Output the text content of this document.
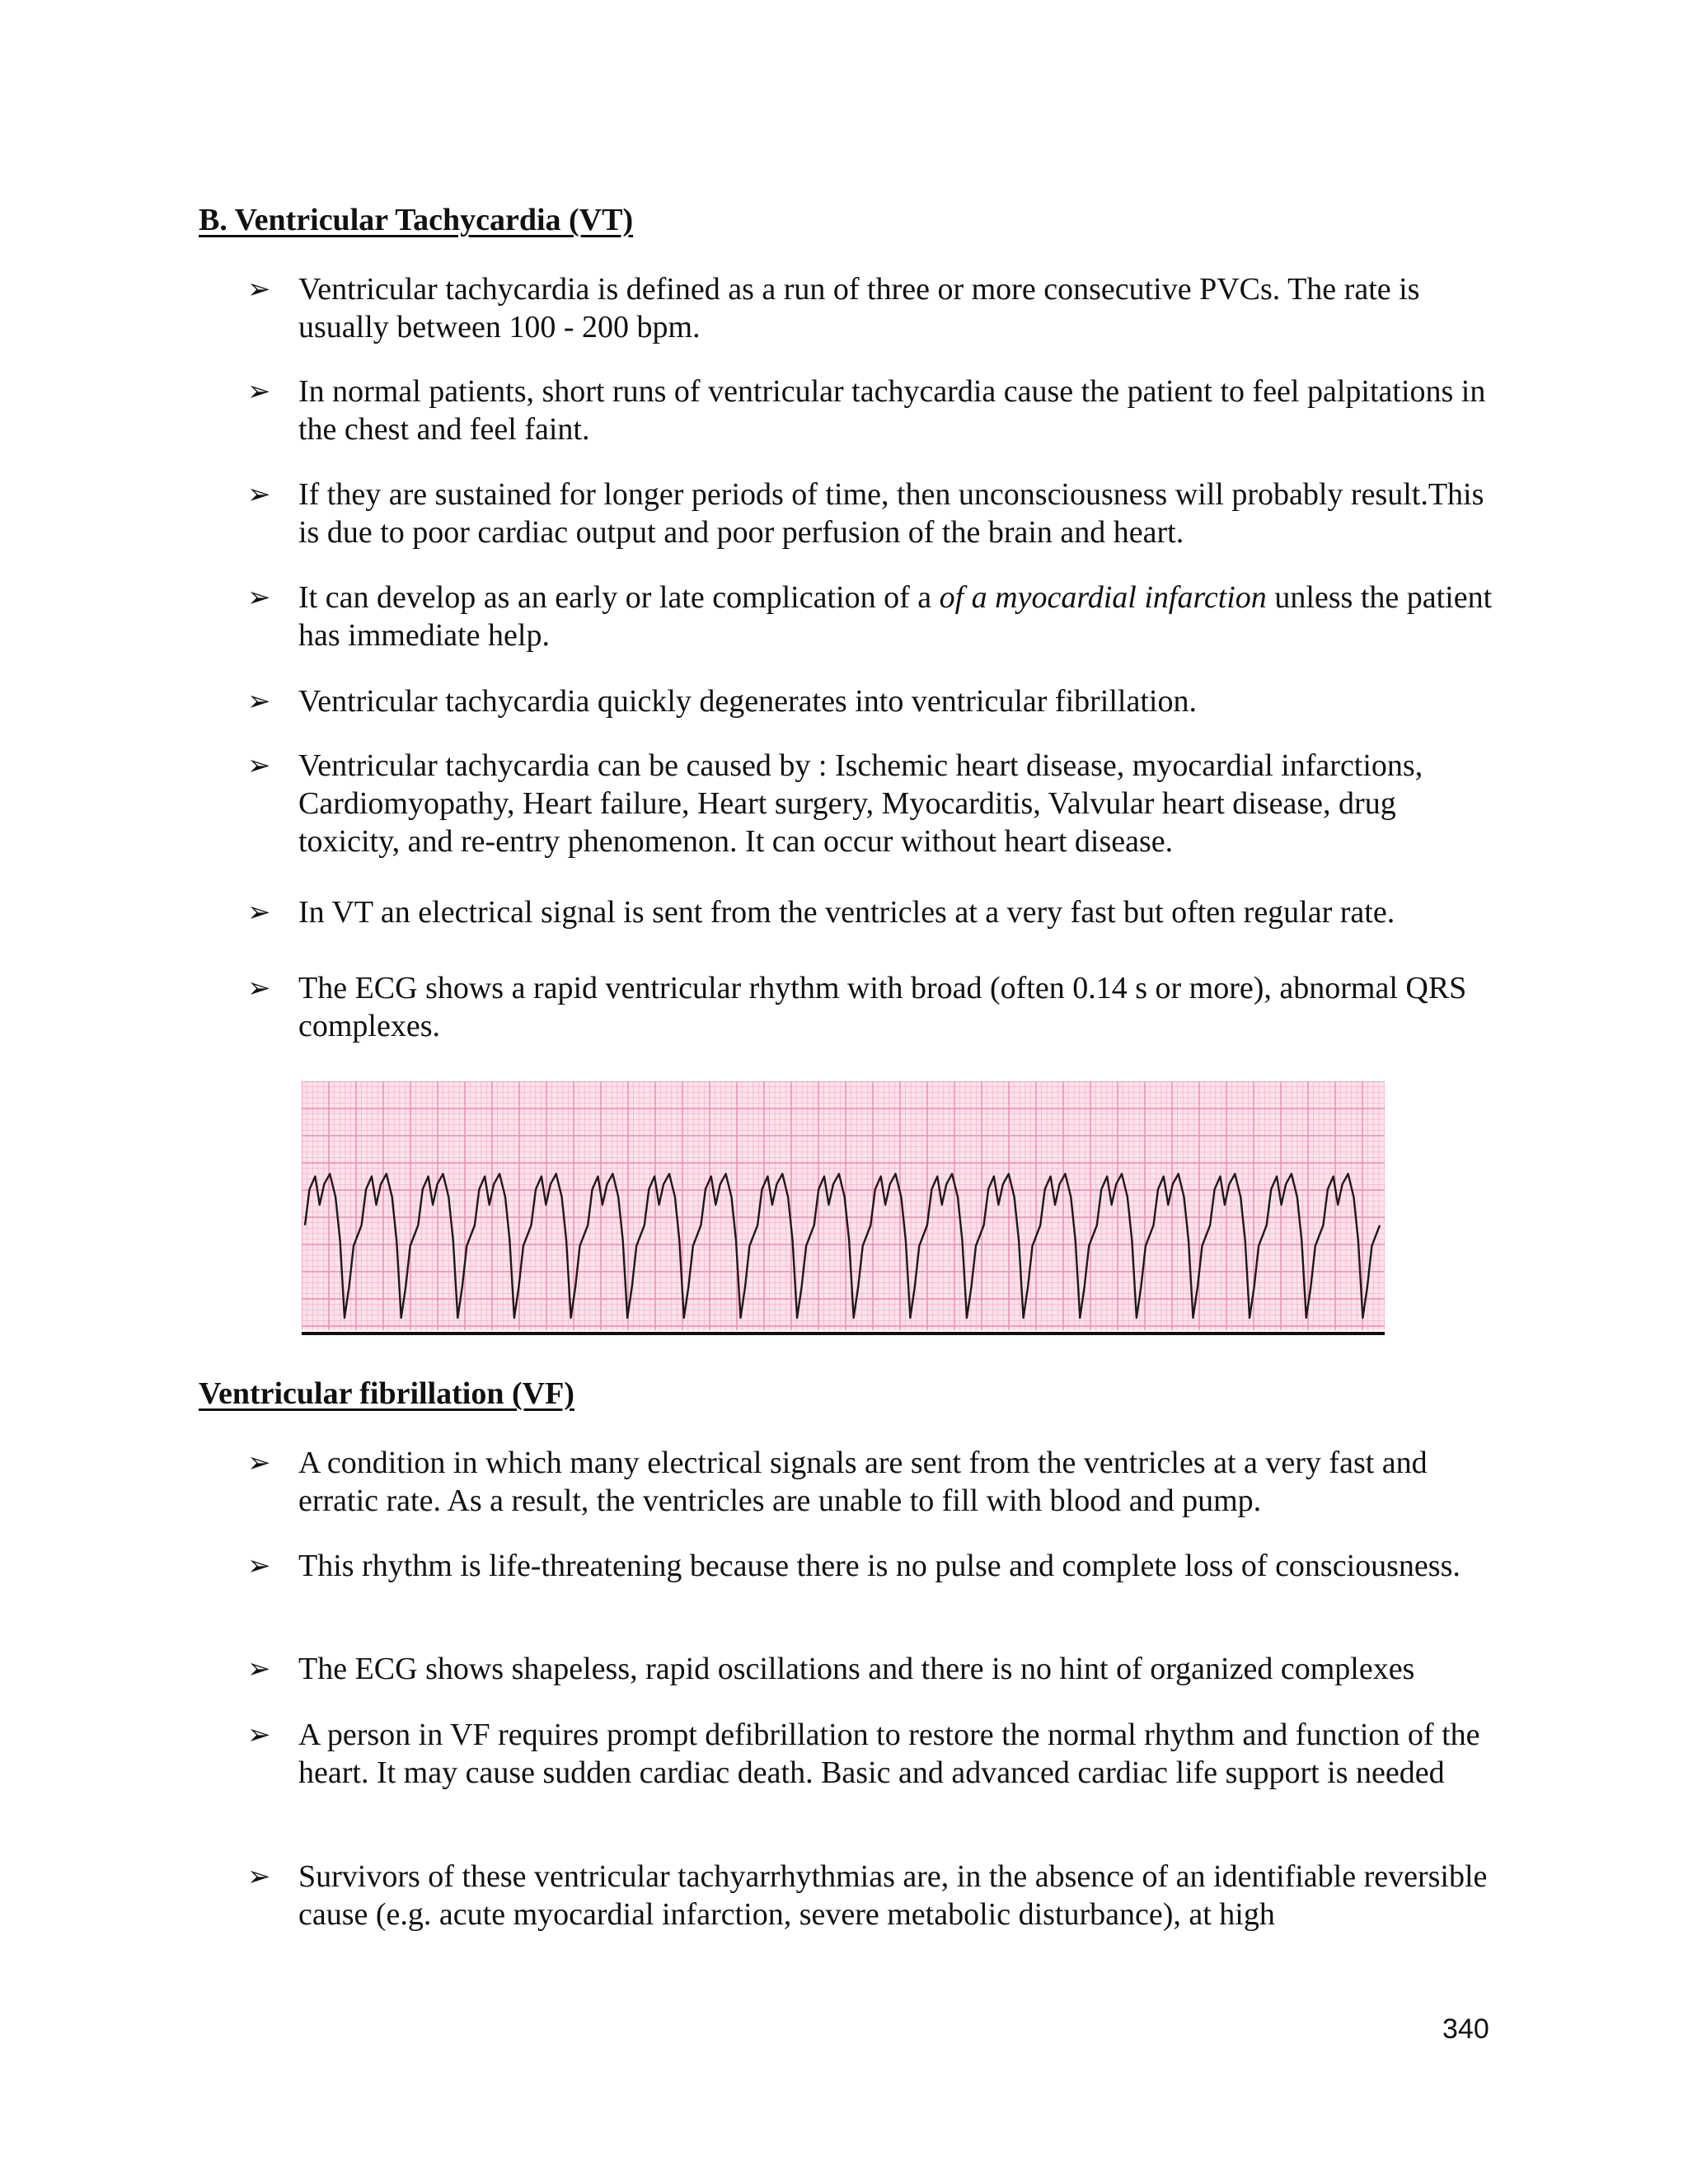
B. Ventricular Tachycardia (VT)
➢ Ventricular tachycardia is defined as a run of three or more consecutive PVCs. The rate is usually between 100 - 200 bpm.
➢ In normal patients, short runs of ventricular tachycardia cause the patient to feel palpitations in the chest and feel faint.
➢ If they are sustained for longer periods of time, then unconsciousness will probably result.This is due to poor cardiac output and poor perfusion of the brain and heart.
➢ It can develop as an early or late complication of a of a myocardial infarction unless the patient has immediate help.
➢ Ventricular tachycardia quickly degenerates into ventricular fibrillation.
➢ Ventricular tachycardia can be caused by : Ischemic heart disease, myocardial infarctions, Cardiomyopathy, Heart failure, Heart surgery, Myocarditis, Valvular heart disease, drug toxicity, and re-entry phenomenon. It can occur without heart disease.
➢ In VT an electrical signal is sent from the ventricles at a very fast but often regular rate.
➢ The ECG shows a rapid ventricular rhythm with broad (often 0.14 s or more), abnormal QRS complexes.
Ventricular fibrillation (VF)
➢ A condition in which many electrical signals are sent from the ventricles at a very fast and erratic rate. As a result, the ventricles are unable to fill with blood and pump.
➢ This rhythm is life-threatening because there is no pulse and complete loss of consciousness.
➢ The ECG shows shapeless, rapid oscillations and there is no hint of organized complexes
➢ A person in VF requires prompt defibrillation to restore the normal rhythm and function of the heart. It may cause sudden cardiac death. Basic and advanced cardiac life support is needed
➢ Survivors of these ventricular tachyarrhythmias are, in the absence of an identifiable reversible cause (e.g. acute myocardial infarction, severe metabolic disturbance), at high
340
